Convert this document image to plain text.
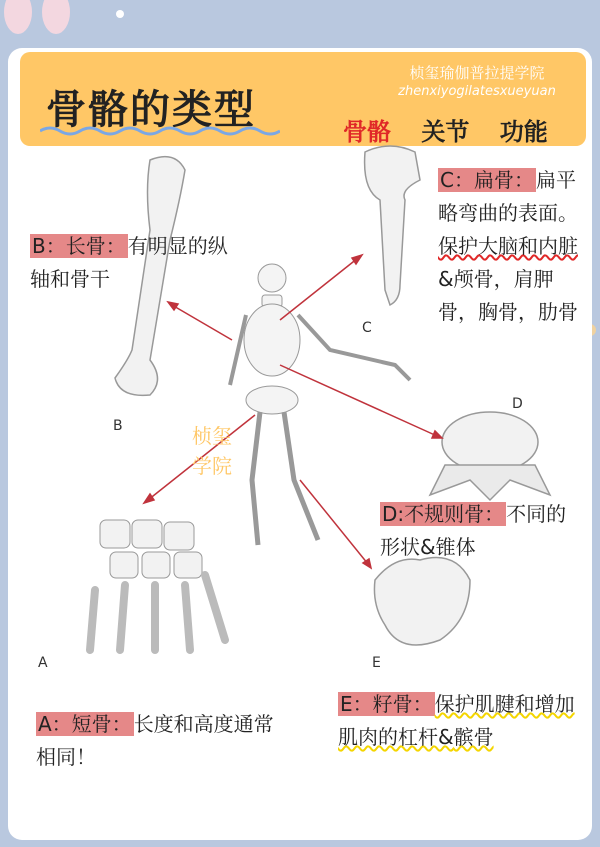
骨骼的类型
桢玺瑜伽普拉提学院
zhenxiyogilatesxueyuan
骨骼 关节 功能
B
C
D
A	E
桢玺
学院
B：长骨： 有明显的纵轴和骨干
C：扁骨： 扁平略弯曲的表面。保护大脑和内脏&颅骨，肩胛骨，胸骨，肋骨
D:不规则骨： 不同的形状&锥体
A：短骨： 长度和高度通常相同！
E：籽骨： 保护肌腱和增加肌肉的杠杆&髌骨
